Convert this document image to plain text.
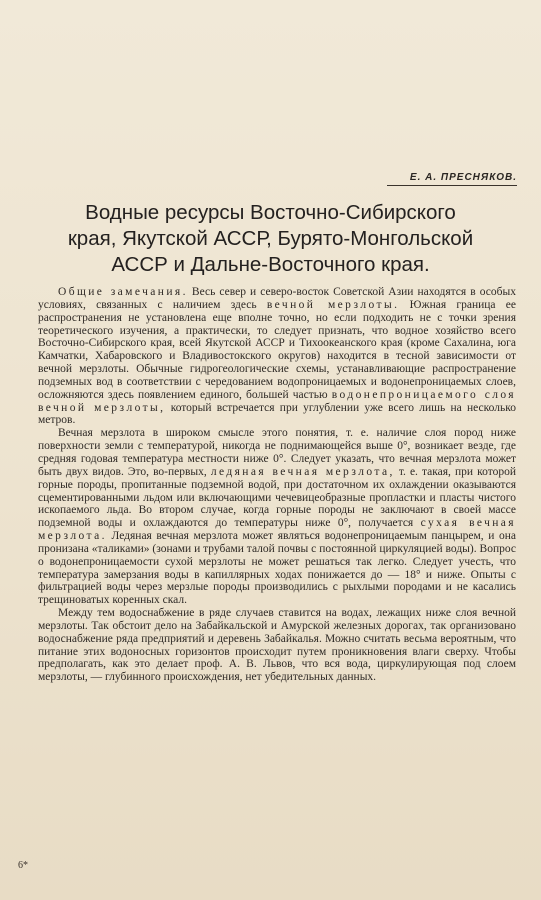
Е. А. ПРЕСНЯКОВ.
Водные ресурсы Восточно-Сибирского
края, Якутской АССР, Бурято-Монгольской
АССР и Дальне-Восточного края.

Общие замечания. Весь север и северо-восток Советской Азии находятся в особых условиях, связанных с наличием здесь вечной мерзлоты. Южная граница ее распространения не установлена еще вполне точно, но если подходить не с точки зрения теоретического изучения, а практически, то следует признать, что водное хозяйство всего Восточно-Сибирского края, всей Якутской АССР и Тихоокеанского края (кроме Сахалина, юга Камчатки, Хабаровского и Владивостокского округов) находится в тесной зависимости от вечной мерзлоты. Обычные гидрогеологические схемы, устанавливающие распространение подземных вод в соответствии с чередованием водопроницаемых и водонепроницаемых слоев, осложняются здесь появлением единого, большей частью водонепроницаемого слоя вечной мерзлоты, который встречается при углублении уже всего лишь на несколько метров.

Вечная мерзлота в широком смысле этого понятия, т. е. наличие слоя пород ниже поверхности земли с температурой, никогда не поднимающейся выше 0°, возникает везде, где средняя годовая температура местности ниже 0°. Следует указать, что вечная мерзлота может быть двух видов. Это, во-первых, ледяная вечная мерзлота, т. е. такая, при которой горные породы, пропитанные подземной водой, при достаточном их охлаждении оказываются сцементированными льдом или включающими чечевицеобразные пропластки и пласты чистого ископаемого льда. Во втором случае, когда горные породы не заключают в своей массе подземной воды и охлаждаются до температуры ниже 0°, получается сухая вечная мерзлота. Ледяная вечная мерзлота может являться водонепроницаемым панцырем, и она пронизана «таликами» (зонами и трубами талой почвы с постоянной циркуляцией воды). Вопрос о водонепроницаемости сухой мерзлоты не может решаться так легко. Следует учесть, что температура замерзания воды в капиллярных ходах понижается до — 18° и ниже. Опыты с фильтрацией воды через мерзлые породы производились с рыхлыми породами и не касались трещиноватых коренных скал.

Между тем водоснабжение в ряде случаев ставится на водах, лежащих ниже слоя вечной мерзлоты. Так обстоит дело на Забайкальской и Амурской железных дорогах, так организовано водоснабжение ряда предприятий и деревень Забайкалья. Можно считать весьма вероятным, что питание этих водоносных горизонтов происходит путем проникновения влаги сверху. Чтобы предполагать, как это делает проф. А. В. Львов, что вся вода, циркулирующая под слоем мерзлоты, — глубинного происхождения, нет убедительных данных.

6*
